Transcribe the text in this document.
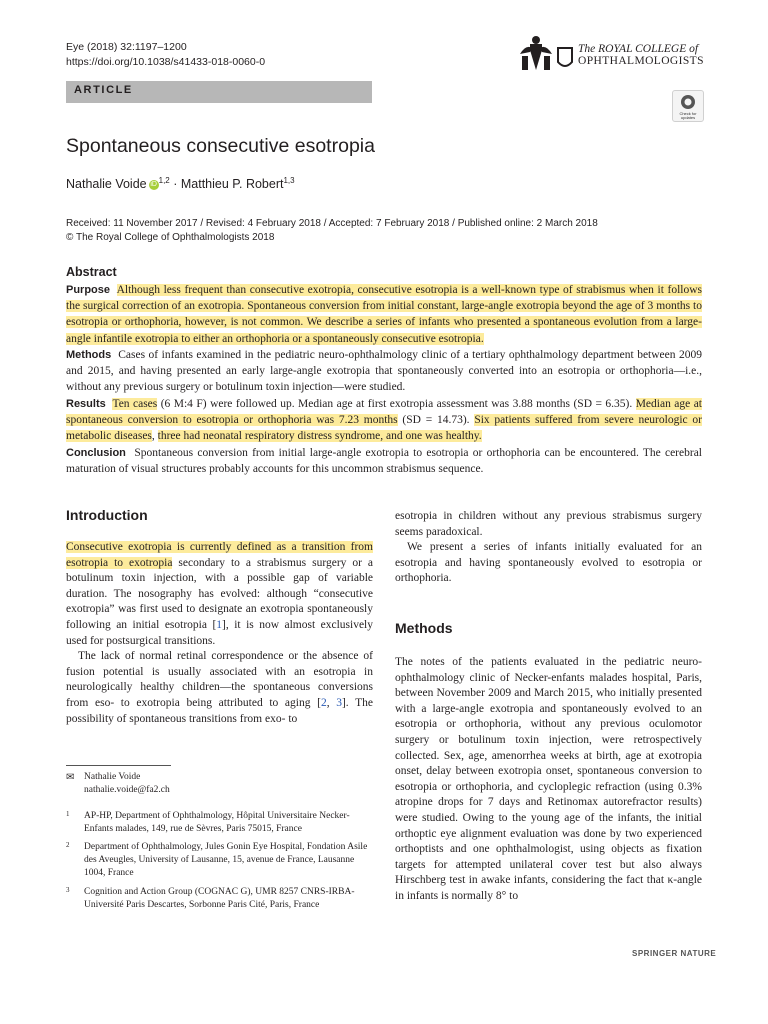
Eye (2018) 32:1197–1200
https://doi.org/10.1038/s41433-018-0060-0
The ROYAL COLLEGE of
OPHTHALMOLOGISTS
ARTICLE
Check for updates
Spontaneous consecutive esotropia
Nathalie Voide iD $^{1,2}$ · Matthieu P. Robert$^{1,3}$
Received: 11 November 2017 / Revised: 4 February 2018 / Accepted: 7 February 2018 / Published online: 2 March 2018
© The Royal College of Ophthalmologists 2018
Abstract
Purpose Although less frequent than consecutive exotropia, consecutive esotropia is a well-known type of strabismus when it follows the surgical correction of an exotropia. Spontaneous conversion from initial constant, large-angle exotropia beyond the age of 3 months to esotropia or orthophoria, however, is not common. We describe a series of infants who presented a spontaneous evolution from a large-angle infantile exotropia to either an orthophoria or a spontaneously consecutive esotropia.
Methods Cases of infants examined in the pediatric neuro-ophthalmology clinic of a tertiary ophthalmology department between 2009 and 2015, and having presented an early large-angle exotropia that spontaneously converted into an esotropia or orthophoria—i.e., without any previous surgery or botulinum toxin injection—were studied.
Results Ten cases (6 M:4 F) were followed up. Median age at first exotropia assessment was 3.88 months (SD = 6.35). Median age at spontaneous conversion to esotropia or orthophoria was 7.23 months (SD = 14.73). Six patients suffered from severe neurologic or metabolic diseases, three had neonatal respiratory distress syndrome, and one was healthy.
Conclusion Spontaneous conversion from initial large-angle exotropia to esotropia or orthophoria can be encountered. The cerebral maturation of visual structures probably accounts for this uncommon strabismus sequence.
Introduction

Consecutive exotropia is currently defined as a transition from esotropia to exotropia secondary to a strabismus surgery or a botulinum toxin injection, with a possible gap of variable duration. The nosography has evolved: although “consecutive exotropia” was first used to designate an exotropia spontaneously following an initial esotropia [1], it is now almost exclusively used for postsurgical transitions.

The lack of normal retinal correspondence or the absence of fusion potential is usually associated with an esotropia in neurologically healthy children—the spontaneous conversions from eso- to exotropia being attributed to aging [2, 3]. The possibility of spontaneous transitions from exo- to

esotropia in children without any previous strabismus surgery seems paradoxical.

We present a series of infants initially evaluated for an esotropia and having spontaneously evolved to esotropia or orthophoria.

Methods

The notes of the patients evaluated in the pediatric neuro-ophthalmology clinic of Necker-enfants malades hospital, Paris, between November 2009 and March 2015, who initially presented with a large-angle exotropia and spontaneously evolved to an esotropia or orthophoria, without any previous oculomotor surgery or botulinum toxin injection, were retrospectively collected. Sex, age, amenorrhea weeks at birth, age at exotropia onset, delay between exotropia onset, spontaneous conversion to esotropia or orthophoria, and cycloplegic refraction (using 0.3% atropine drops for 7 days and Retinomax autorefractor results) were studied. Owing to the young age of the infants, the initial orthoptic eye alignment evaluation was done by two experienced orthoptists and one ophthalmologist, using objects as fixation targets for attempted unilateral cover test but also always Hirschberg test in awake infants, considering the fact that κ-angle in infants is normally 8° to

✉ Nathalie Voide
nathalie.voide@fa2.ch
1 AP-HP, Department of Ophthalmology, Hôpital Universitaire Necker-Enfants malades, 149, rue de Sèvres, Paris 75015, France
2 Department of Ophthalmology, Jules Gonin Eye Hospital, Fondation Asile des Aveugles, University of Lausanne, 15, avenue de France, Lausanne 1004, France
3 Cognition and Action Group (COGNAC G), UMR 8257 CNRS-IRBA-Université Paris Descartes, Sorbonne Paris Cité, Paris, France
SPRINGER NATURE
